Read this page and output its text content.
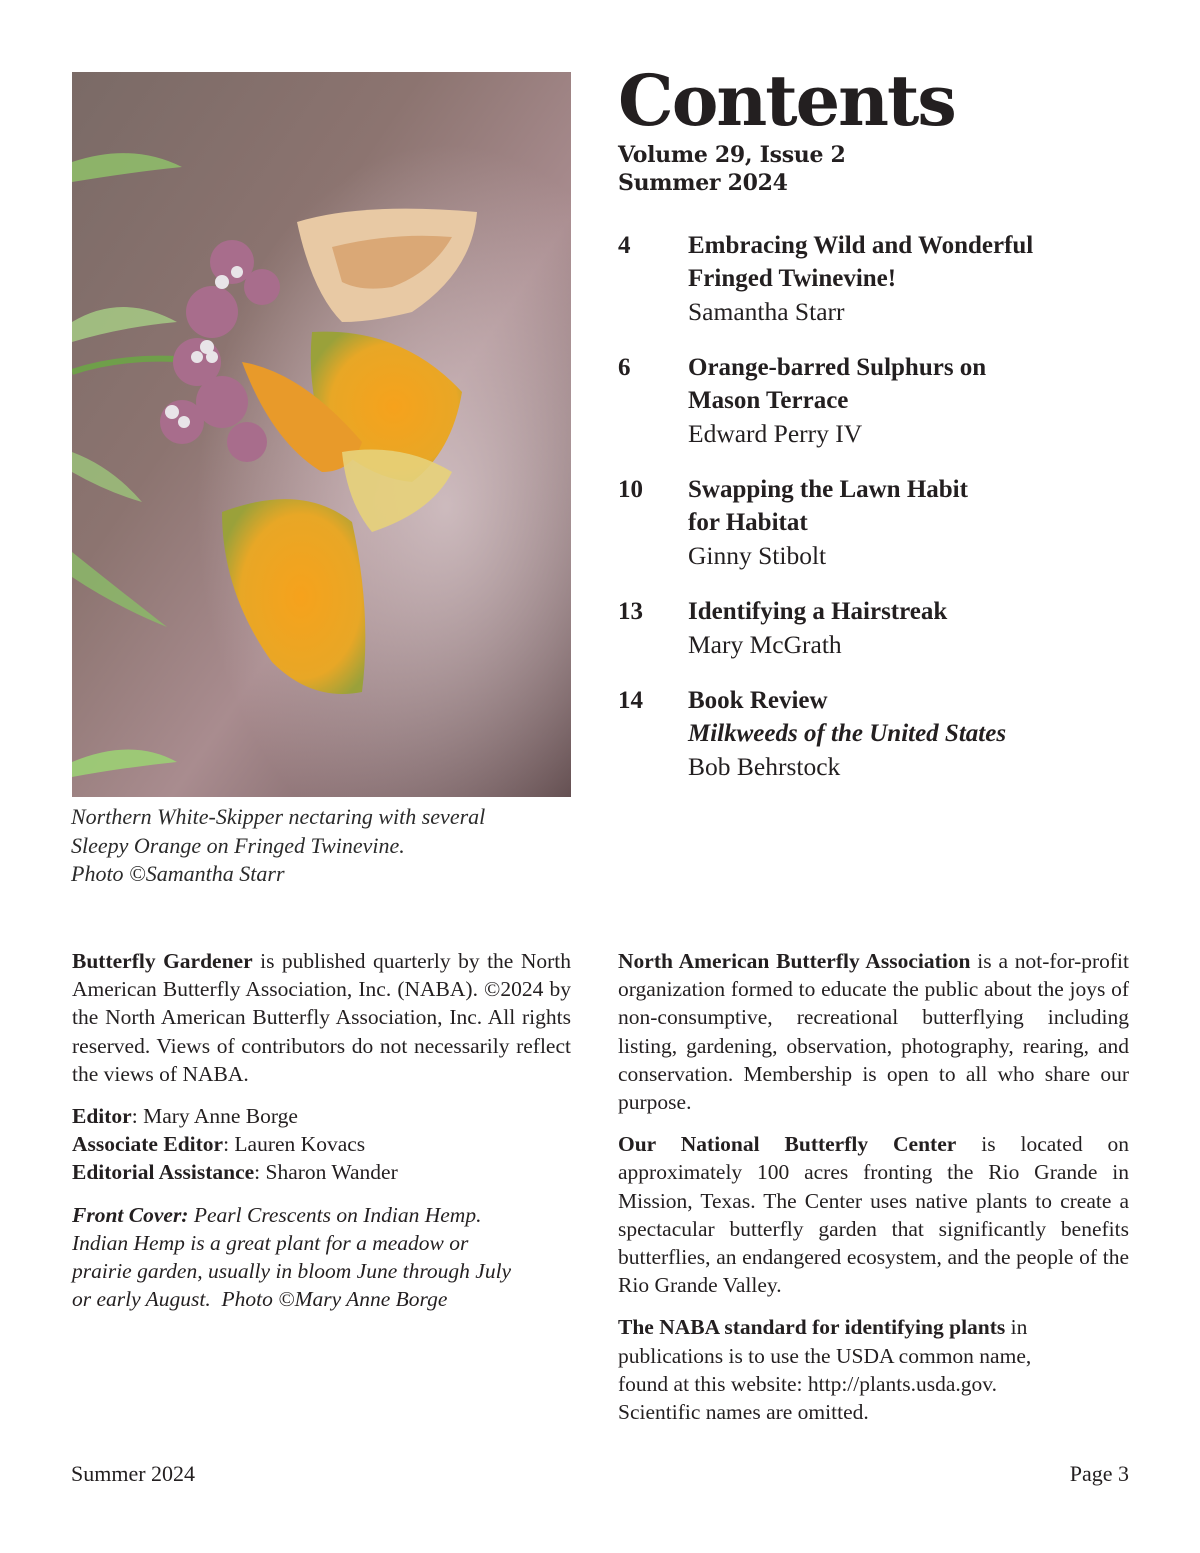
Northern White-Skipper nectaring with several
Sleepy Orange on Fringed Twinevine.
Photo ©Samantha Starr
Contents
Volume 29, Issue 2
Summer 2024
4	Embracing Wild and Wonderful
Fringed Twinevine!
Samantha Starr
6	Orange-barred Sulphurs on
Mason Terrace
Edward Perry IV
10	Swapping the Lawn Habit
for Habitat
Ginny Stibolt
13	Identifying a Hairstreak
Mary McGrath
14	Book Review
Milkweeds of the United States
Bob Behrstock

Butterfly Gardener is published quarterly by the North American Butterfly Association, Inc. (NABA). ©2024 by the North American Butterfly Association, Inc. All rights reserved. Views of contributors do not necessarily reflect the views of NABA.

Editor: Mary Anne Borge
Associate Editor: Lauren Kovacs
Editorial Assistance: Sharon Wander

Front Cover: Pearl Crescents on Indian Hemp.
Indian Hemp is a great plant for a meadow or
prairie garden, usually in bloom June through July
or early August.  Photo ©Mary Anne Borge

North American Butterfly Association is a not-for-profit organization formed to educate the public about the joys of non-consumptive, recreational butterflying including listing, gardening, observation, photography, rearing, and conservation. Membership is open to all who share our purpose.

Our National Butterfly Center is located on approximately 100 acres fronting the Rio Grande in Mission, Texas. The Center uses native plants to create a spectacular butterfly garden that significantly benefits butterflies, an endangered ecosystem, and the people of the Rio Grande Valley.

The NABA standard for identifying plants in
publications is to use the USDA common name,
found at this website: http://plants.usda.gov.
Scientific names are omitted.

Summer 2024	Page 3
